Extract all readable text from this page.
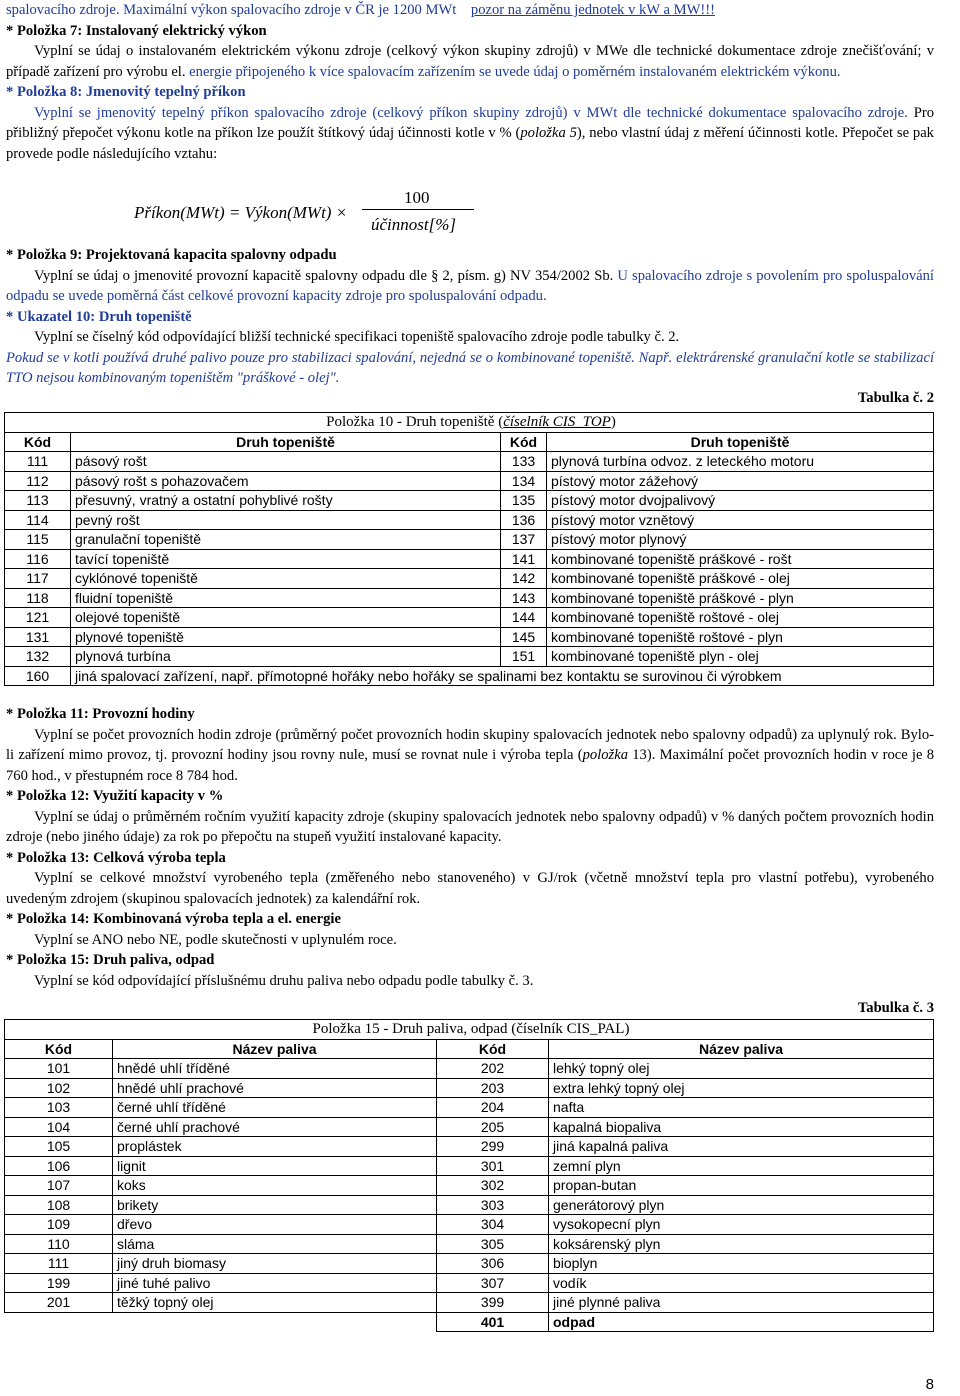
spalovacího zdroje. Maximální výkon spalovacího zdroje v ČR je 1200 MWt pozor na záměnu jednotek v kW a MW!!!
* Položka 7: Instalovaný elektrický výkon
Vyplní se údaj o instalovaném elektrickém výkonu zdroje (celkový výkon skupiny zdrojů) v MWe dle technické dokumentace zdroje znečišťování; v případě zařízení pro výrobu el. energie připojeného k více spalovacím zařízením se uvede údaj o poměrném instalovaném elektrickém výkonu.
* Položka 8: Jmenovitý tepelný příkon
Vyplní se jmenovitý tepelný příkon spalovacího zdroje (celkový příkon skupiny zdrojů) v MWt dle technické dokumentace spalovacího zdroje. Pro přibližný přepočet výkonu kotle na příkon lze použít štítkový údaj účinnosti kotle v % (položka 5), nebo vlastní údaj z měření účinnosti kotle. Přepočet se pak provede podle následujícího vztahu:
Příkon(MWt) = Výkon(MWt) ×
100
účinnost[%]
* Položka 9: Projektovaná kapacita spalovny odpadu
Vyplní se údaj o jmenovité provozní kapacitě spalovny odpadu dle § 2, písm. g) NV 354/2002 Sb. U spalovacího zdroje s povolením pro spoluspalování odpadu se uvede poměrná část celkové provozní kapacity zdroje pro spoluspalování odpadu.
* Ukazatel 10: Druh topeniště
Vyplní se číselný kód odpovídající bližší technické specifikaci topeniště spalovacího zdroje podle tabulky č. 2.
Pokud se v kotli používá druhé palivo pouze pro stabilizaci spalování, nejedná se o kombinované topeniště. Např. elektrárenské granulační kotle se stabilizací TTO nejsou kombinovaným topeništěm "práškové - olej".
Tabulka č. 2
Položka 10 - Druh topeniště (číselník CIS_TOP)			
Kód	Druh topeniště	Kód	Druh topeniště
111	pásový rošt	133	plynová turbína odvoz. z leteckého motoru
112	pásový rošt s pohazovačem	134	pístový motor zážehový
113	přesuvný, vratný a ostatní pohyblivé rošty	135	pístový motor dvojpalivový
114	pevný rošt	136	pístový motor vznětový
115	granulační topeniště	137	pístový motor plynový
116	tavící topeniště	141	kombinované topeniště práškové - rošt
117	cyklónové topeniště	142	kombinované topeniště práškové - olej
118	fluidní topeniště	143	kombinované topeniště práškové - plyn
121	olejové topeniště	144	kombinované topeniště roštové - olej
131	plynové topeniště	145	kombinované topeniště roštové - plyn
132	plynová turbína	151	kombinované topeniště plyn - olej
160	jiná spalovací zařízení, např. přímotopné hořáky nebo hořáky se spalinami bez kontaktu se surovinou či výrobkem		
* Položka 11: Provozní hodiny
Vyplní se počet provozních hodin zdroje (průměrný počet provozních hodin skupiny spalovacích jednotek nebo spalovny odpadů) za uplynulý rok. Bylo-li zařízení mimo provoz, tj. provozní hodiny jsou rovny nule, musí se rovnat nule i výroba tepla (položka 13). Maximální počet provozních hodin v roce je 8 760 hod., v přestupném roce 8 784 hod.
* Položka 12: Využití kapacity v %
Vyplní se údaj o průměrném ročním využití kapacity zdroje (skupiny spalovacích jednotek nebo spalovny odpadů) v % daných počtem provozních hodin zdroje (nebo jiného údaje) za rok po přepočtu na stupeň využití instalované kapacity.
* Položka 13: Celková výroba tepla
Vyplní se celkové množství vyrobeného tepla (změřeného nebo stanoveného) v GJ/rok (včetně množství tepla pro vlastní potřebu), vyrobeného uvedeným zdrojem (skupinou spalovacích jednotek) za kalendářní rok.
* Položka 14: Kombinovaná výroba tepla a el. energie
Vyplní se ANO nebo NE, podle skutečnosti v uplynulém roce.
* Položka 15: Druh paliva, odpad
Vyplní se kód odpovídající příslušnému druhu paliva nebo odpadu podle tabulky č. 3.
Tabulka č. 3
Položka 15 - Druh paliva, odpad (číselník CIS_PAL)			
Kód	Název paliva	Kód	Název paliva
101	hnědé uhlí tříděné	202	lehký topný olej
102	hnědé uhlí prachové	203	extra lehký topný olej
103	černé uhlí tříděné	204	nafta
104	černé uhlí prachové	205	kapalná biopaliva
105	proplástek	299	jiná kapalná paliva
106	lignit	301	zemní plyn
107	koks	302	propan-butan
108	brikety	303	generátorový plyn
109	dřevo	304	vysokopecní plyn
110	sláma	305	koksárenský plyn
111	jiný druh biomasy	306	bioplyn
199	jiné tuhé palivo	307	vodík
201	těžký topný olej	399	jiné plynné paliva
		401	odpad
8
